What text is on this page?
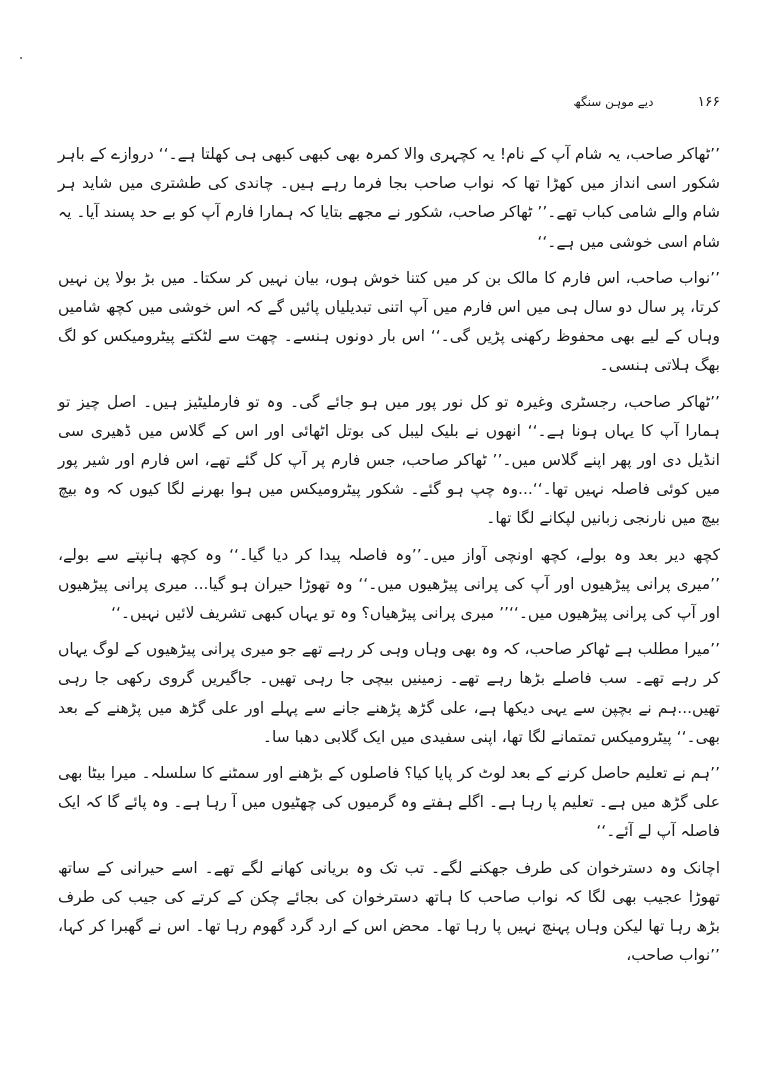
۱۶۶
دیے موہن سنگھ

’’ٹھاکر صاحب، یہ شام آپ کے نام! یہ کچہری والا کمرہ بھی کبھی کبھی ہی کھلتا ہے۔‘‘ دروازے کے باہر شکور اسی انداز میں کھڑا تھا کہ نواب صاحب بجا فرما رہے ہیں۔ چاندی کی طشتری میں شاید ہر شام والے شامی کباب تھے۔’’ ٹھاکر صاحب، شکور نے مجھے بتایا کہ ہمارا فارم آپ کو بے حد پسند آیا۔ یہ شام اسی خوشی میں ہے۔‘‘

’’نواب صاحب، اس فارم کا مالک بن کر میں کتنا خوش ہوں، بیان نہیں کر سکتا۔ میں بڑ بولا پن نہیں کرتا، پر سال دو سال ہی میں اس فارم میں آپ اتنی تبدیلیاں پائیں گے کہ اس خوشی میں کچھ شامیں وہاں کے لیے بھی محفوظ رکھنی پڑیں گی۔‘‘ اس بار دونوں ہنسے۔ چھت سے لٹکتے پیٹرومیکس کو لگ بھگ ہلاتی ہنسی۔

’’ٹھاکر صاحب، رجسٹری وغیرہ تو کل نور پور میں ہو جائے گی۔ وہ تو فارملیٹیز ہیں۔ اصل چیز تو ہمارا آپ کا یہاں ہونا ہے۔‘‘ انھوں نے بلیک لیبل کی بوتل اٹھائی اور اس کے گلاس میں ڈھیری سی انڈیل دی اور پھر اپنے گلاس میں۔’’ ٹھاکر صاحب، جس فارم پر آپ کل گئے تھے، اس فارم اور شیر پور میں کوئی فاصلہ نہیں تھا۔‘‘...وہ چپ ہو گئے۔ شکور پیٹرومیکس میں ہوا بھرنے لگا کیوں کہ وہ بیچ بیچ میں نارنجی زبانیں لپکانے لگا تھا۔

کچھ دیر بعد وہ بولے، کچھ اونچی آواز میں۔’’وہ فاصلہ پیدا کر دیا گیا۔‘‘ وہ کچھ ہانپتے سے بولے، ’’میری پرانی پیڑھیوں اور آپ کی پرانی پیڑھیوں میں۔‘‘ وہ تھوڑا حیران ہو گیا... میری پرانی پیڑھیوں اور آپ کی پرانی پیڑھیوں میں۔‘‘’’ میری پرانی پیڑھیاں؟ وہ تو یہاں کبھی تشریف لائیں نہیں۔‘‘

’’میرا مطلب ہے ٹھاکر صاحب، کہ وہ بھی وہاں وہی کر رہے تھے جو میری پرانی پیڑھیوں کے لوگ یہاں کر رہے تھے۔ سب فاصلے بڑھا رہے تھے۔ زمینیں بیچی جا رہی تھیں۔ جاگیریں گروی رکھی جا رہی تھیں...ہم نے بچپن سے یہی دیکھا ہے، علی گڑھ پڑھنے جانے سے پہلے اور علی گڑھ میں پڑھنے کے بعد بھی۔‘‘ پیٹرومیکس تمتمانے لگا تھا، اپنی سفیدی میں ایک گلابی دھبا سا۔

’’ہم نے تعلیم حاصل کرنے کے بعد لوٹ کر پایا کیا؟ فاصلوں کے بڑھنے اور سمٹنے کا سلسلہ۔ میرا بیٹا بھی علی گڑھ میں ہے۔ تعلیم پا رہا ہے۔ اگلے ہفتے وہ گرمیوں کی چھٹیوں میں آ رہا ہے۔ وہ پائے گا کہ ایک فاصلہ آپ لے آئے۔‘‘

اچانک وہ دسترخوان کی طرف جھکنے لگے۔ تب تک وہ بریانی کھانے لگے تھے۔ اسے حیرانی کے ساتھ تھوڑا عجیب بھی لگا کہ نواب صاحب کا ہاتھ دسترخوان کی بجائے چکن کے کرتے کی جیب کی طرف بڑھ رہا تھا لیکن وہاں پہنچ نہیں پا رہا تھا۔ محض اس کے ارد گرد گھوم رہا تھا۔ اس نے گھبرا کر کہا، ’’نواب صاحب،
